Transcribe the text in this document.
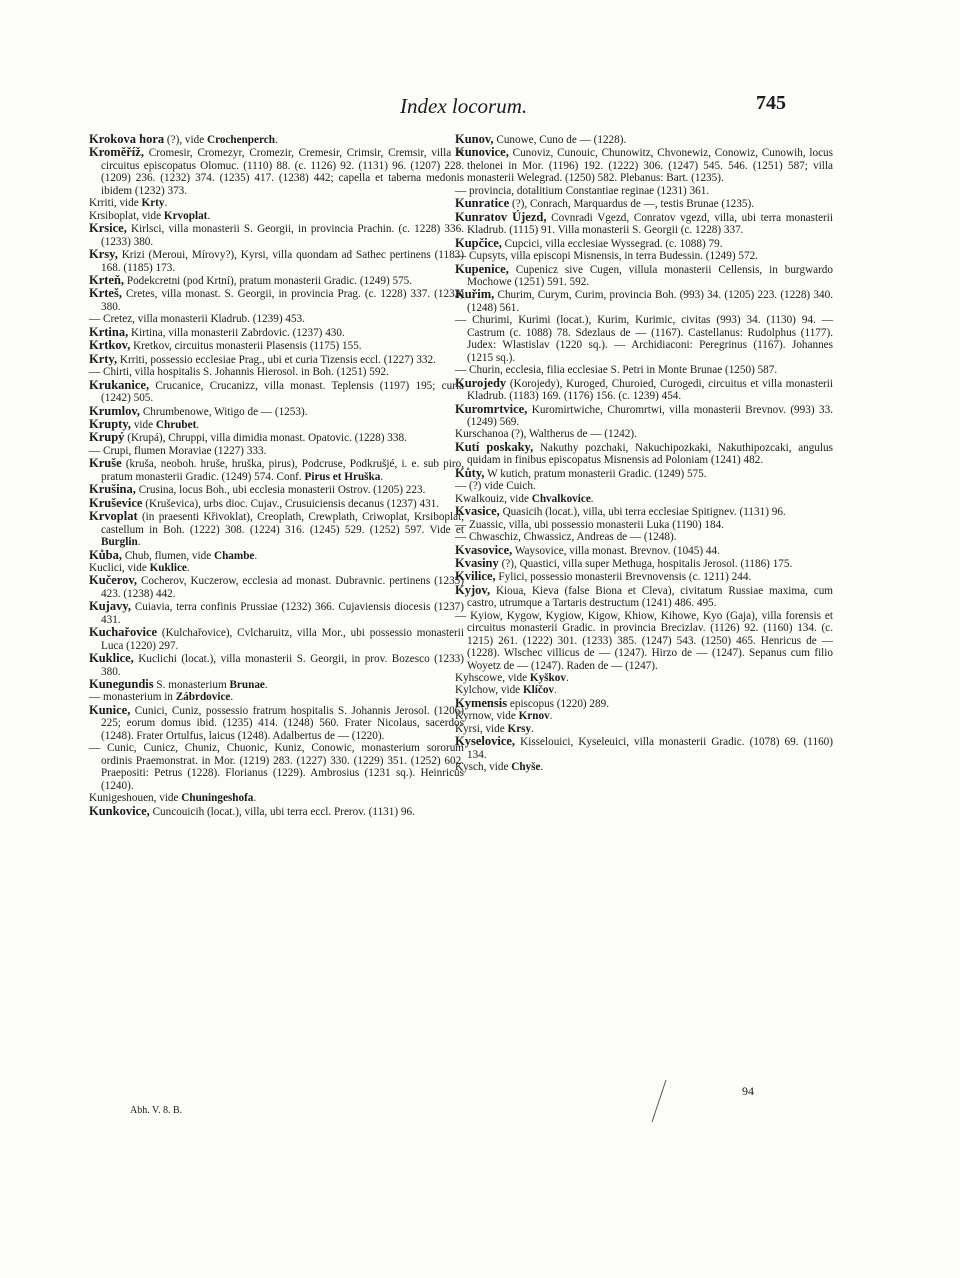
Index locorum.	745

Krokova hora (?), vide Crochenperch.

Kroměříž, Cromesir, Cromezyr, Cromezir, Cremesir, Crimsir, Cremsir, villa et circuitus episcopatus Olomuc. (1110) 88. (c. 1126) 92. (1131) 96. (1207) 228. (1209) 236. (1232) 374. (1235) 417. (1238) 442; capella et taberna medonis ibidem (1232) 373.

Krriti, vide Krty.

Krsiboplat, vide Krvoplat.

Krsice, Kirlsci, villa monasterii S. Georgii, in provincia Prachin. (c. 1228) 336. (1233) 380.

Krsy, Krizi (Meroui, Mírovy?), Kyrsi, villa quondam ad Sathec pertinens (1183) 168. (1185) 173.

Krteň, Podekcretni (pod Krtní), pratum monasterii Gradic. (1249) 575.

Krteš, Cretes, villa monast. S. Georgii, in provincia Prag. (c. 1228) 337. (1233) 380.

— Cretez, villa monasterii Kladrub. (1239) 453.

Krtina, Kirtina, villa monasterii Zabrdovic. (1237) 430.

Krtkov, Kretkov, circuitus monasterii Plasensis (1175) 155.

Krty, Krriti, possessio ecclesiae Prag., ubi et curia Tizensis eccl. (1227) 332.

— Chirti, villa hospitalis S. Johannis Hierosol. in Boh. (1251) 592.

Krukanice, Crucanice, Crucanizz, villa monast. Teplensis (1197) 195; curia (1242) 505.

Krumlov, Chrumbenowe, Witigo de — (1253).

Krupty, vide Chrubet.

Krupý (Krupá), Chruppi, villa dimidia monast. Opatovic. (1228) 338.

— Crupi, flumen Moraviae (1227) 333.

Kruše (kruša, neoboh. hruše, hruška, pirus), Podcruse, Podkrušjé, i. e. sub piro, pratum monasterii Gradic. (1249) 574. Conf. Pirus et Hruška.

Krušina, Crusina, locus Boh., ubi ecclesia monasterii Ostrov. (1205) 223.

Kruševice (Kruševica), urbs dioc. Cujav., Crusuiciensis decanus (1237) 431.

Krvoplat (in praesenti Křivoklat), Creoplath, Crewplath, Criwoplat, Krsiboplat, castellum in Boh. (1222) 308. (1224) 316. (1245) 529. (1252) 597. Vide et Burglin.

Kůba, Chub, flumen, vide Chambe.

Kuclici, vide Kuklice.

Kučerov, Cocherov, Kuczerow, ecclesia ad monast. Dubravnic. pertinens (1235) 423. (1238) 442.

Kujavy, Cuiavia, terra confinis Prussiae (1232) 366. Cujaviensis diocesis (1237) 431.

Kuchařovice (Kulchařovice), Cvlcharuitz, villa Mor., ubi possessio monasterii Luca (1220) 297.

Kuklice, Kuclichi (locat.), villa monasterii S. Georgii, in prov. Bozesco (1233) 380.

Kunegundis S. monasterium Brunae.

— monasterium in Zábrdovice.

Kunice, Cunici, Cuniz, possessio fratrum hospitalis S. Johannis Jerosol. (1206) 225; eorum domus ibid. (1235) 414. (1248) 560. Frater Nicolaus, sacerdos (1248). Frater Ortulfus, laicus (1248). Adalbertus de — (1220).

— Cunic, Cunicz, Chuniz, Chuonic, Kuniz, Conowic, monasterium sororum ordinis Praemonstrat. in Mor. (1219) 283. (1227) 330. (1229) 351. (1252) 602. Praepositi: Petrus (1228). Florianus (1229). Ambrosius (1231 sq.). Heinricus (1240).

Kunigeshouen, vide Chuningeshofa.

Kunkovice, Cuncouicih (locat.), villa, ubi terra eccl. Prerov. (1131) 96.

Kunov, Cunowe, Cuno de — (1228).

Kunovice, Cunoviz, Cunouic, Chunowitz, Chvonewiz, Conowiz, Cunowih, locus thelonei in Mor. (1196) 192. (1222) 306. (1247) 545. 546. (1251) 587; villa monasterii Welegrad. (1250) 582. Plebanus: Bart. (1235).

— provincia, dotalitium Constantiae reginae (1231) 361.

Kunratice (?), Conrach, Marquardus de —, testis Brunae (1235).

Kunratov Újezd, Covnradi Vgezd, Conratov vgezd, villa, ubi terra monasterii Kladrub. (1115) 91. Villa monasterii S. Georgii (c. 1228) 337.

Kupčice, Cupcici, villa ecclesiae Wyssegrad. (c. 1088) 79.

— Cupsyts, villa episcopi Misnensis, in terra Budessin. (1249) 572.

Kupenice, Cupenicz sive Cugen, villula monasterii Cellensis, in burgwardo Mochowe (1251) 591. 592.

Kuřim, Churim, Curym, Curim, provincia Boh. (993) 34. (1205) 223. (1228) 340. (1248) 561.

— Churimi, Kurimi (locat.), Kurim, Kurimic, civitas (993) 34. (1130) 94. — Castrum (c. 1088) 78. Sdezlaus de — (1167). Castellanus: Rudolphus (1177). Judex: Wlastislav (1220 sq.). — Archidiaconi: Peregrinus (1167). Johannes (1215 sq.).

— Churin, ecclesia, filia ecclesiae S. Petri in Monte Brunae (1250) 587.

Kurojedy (Korojedy), Kuroged, Churoied, Curogedi, circuitus et villa monasterii Kladrub. (1183) 169. (1176) 156. (c. 1239) 454.

Kuromrtvice, Kuromirtwiche, Churomrtwi, villa monasterii Brevnov. (993) 33. (1249) 569.

Kurschanoa (?), Waltherus de — (1242).

Kutí poskaky, Nakuthy pozchaki, Nakuchipozkaki, Nakuthipozcaki, angulus quidam in finibus episcopatus Misnensis ad Poloniam (1241) 482.

Kůty, W kutich, pratum monasterii Gradic. (1249) 575.

— (?) vide Cuich.

Kwalkouiz, vide Chvalkovice.

Kvasice, Quasicih (locat.), villa, ubi terra ecclesiae Spitignev. (1131) 96.

— Zuassic, villa, ubi possessio monasterii Luka (1190) 184.

— Chwaschiz, Chwassicz, Andreas de — (1248).

Kvasovice, Waysovice, villa monast. Brevnov. (1045) 44.

Kvasiny (?), Quastici, villa super Methuga, hospitalis Jerosol. (1186) 175.

Kvilice, Fylici, possessio monasterii Brevnovensis (c. 1211) 244.

Kyjov, Kioua, Kieva (false Biona et Cleva), civitatum Russiae maxima, cum castro, utrumque a Tartaris destructum (1241) 486. 495.

— Kyiow, Kygow, Kygiow, Kigow, Khiow, Kihowe, Kyo (Gaja), villa forensis et circuitus monasterii Gradic. in provincia Brecizlav. (1126) 92. (1160) 134. (c. 1215) 261. (1222) 301. (1233) 385. (1247) 543. (1250) 465. Henricus de — (1228). Wlschec villicus de — (1247). Hirzo de — (1247). Sepanus cum filio Woyetz de — (1247). Raden de — (1247).

Kyhscowe, vide Kyškov.

Kylchow, vide Klíčov.

Kymensis episcopus (1220) 289.

Kyrnow, vide Krnov.

Kyrsi, vide Krsy.

Kyselovice, Kisselouici, Kyseleuici, villa monasterii Gradic. (1078) 69. (1160) 134.

Kysch, vide Chyše.

Abh. V. 8. B.
94
